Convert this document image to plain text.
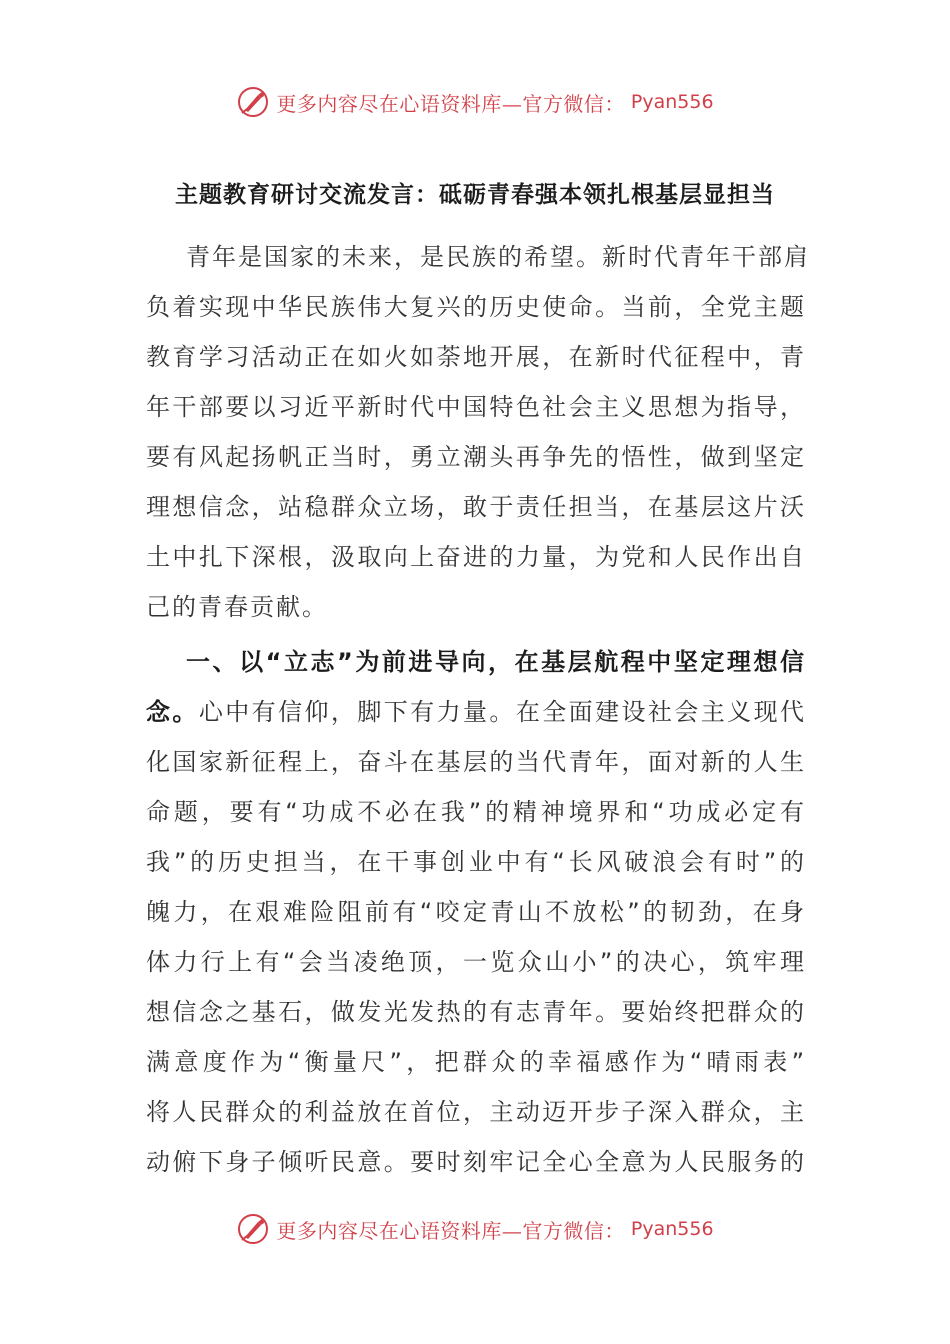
更多内容尽在心语资料库—官方微信： Pyan556
主题教育研讨交流发言：砥砺青春强本领扎根基层显担当
青年是国家的未来，是民族的希望。新时代青年干部肩
负着实现中华民族伟大复兴的历史使命。当前，全党主题
教育学习活动正在如火如荼地开展，在新时代征程中，青
年干部要以习近平新时代中国特色社会主义思想为指导，
要有风起扬帆正当时，勇立潮头再争先的悟性，做到坚定
理想信念，站稳群众立场，敢于责任担当，在基层这片沃
土中扎下深根，汲取向上奋进的力量，为党和人民作出自
己的青春贡献。
一、以“立志”为前进导向，在基层航程中坚定理想信
念。心中有信仰，脚下有力量。在全面建设社会主义现代
化国家新征程上，奋斗在基层的当代青年，面对新的人生
命题，要有“功成不必在我”的精神境界和“功成必定有
我”的历史担当，在干事创业中有“长风破浪会有时”的
魄力，在艰难险阻前有“咬定青山不放松”的韧劲，在身
体力行上有“会当凌绝顶，一览众山小”的决心，筑牢理
想信念之基石，做发光发热的有志青年。要始终把群众的
满意度作为“衡量尺”，把群众的幸福感作为“晴雨表”
将人民群众的利益放在首位，主动迈开步子深入群众，主
动俯下身子倾听民意。要时刻牢记全心全意为人民服务的
更多内容尽在心语资料库—官方微信： Pyan556
